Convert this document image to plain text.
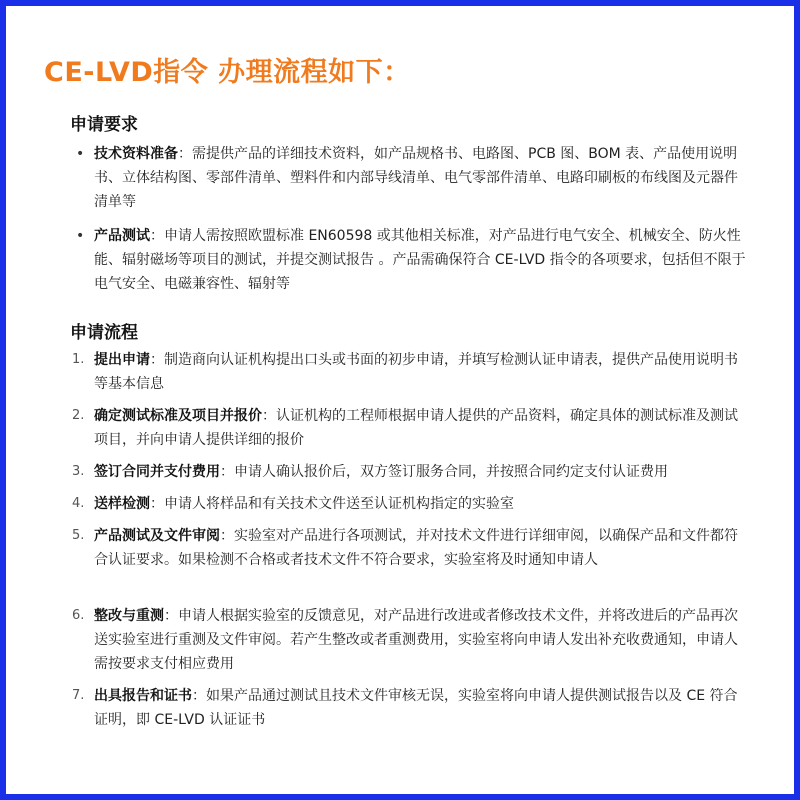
CE-LVD指令 办理流程如下：
申请要求
• 技术资料准备：需提供产品的详细技术资料，如产品规格书、电路图、PCB 图、BOM 表、产品使用说明书、立体结构图、零部件清单、塑料件和内部导线清单、电气零部件清单、电路印刷板的布线图及元器件清单等
• 产品测试：申请人需按照欧盟标准 EN60598 或其他相关标准，对产品进行电气安全、机械安全、防火性能、辐射磁场等项目的测试，并提交测试报告 。产品需确保符合 CE-LVD 指令的各项要求，包括但不限于电气安全、电磁兼容性、辐射等
申请流程
1. 提出申请：制造商向认证机构提出口头或书面的初步申请，并填写检测认证申请表，提供产品使用说明书等基本信息
2. 确定测试标准及项目并报价：认证机构的工程师根据申请人提供的产品资料，确定具体的测试标准及测试项目，并向申请人提供详细的报价
3. 签订合同并支付费用：申请人确认报价后，双方签订服务合同，并按照合同约定支付认证费用
4. 送样检测：申请人将样品和有关技术文件送至认证机构指定的实验室
5. 产品测试及文件审阅：实验室对产品进行各项测试，并对技术文件进行详细审阅，以确保产品和文件都符合认证要求。如果检测不合格或者技术文件不符合要求，实验室将及时通知申请人
6. 整改与重测：申请人根据实验室的反馈意见，对产品进行改进或者修改技术文件，并将改进后的产品再次送实验室进行重测及文件审阅。若产生整改或者重测费用，实验室将向申请人发出补充收费通知，申请人需按要求支付相应费用
7. 出具报告和证书：如果产品通过测试且技术文件审核无误，实验室将向申请人提供测试报告以及 CE 符合证明，即 CE-LVD 认证证书
